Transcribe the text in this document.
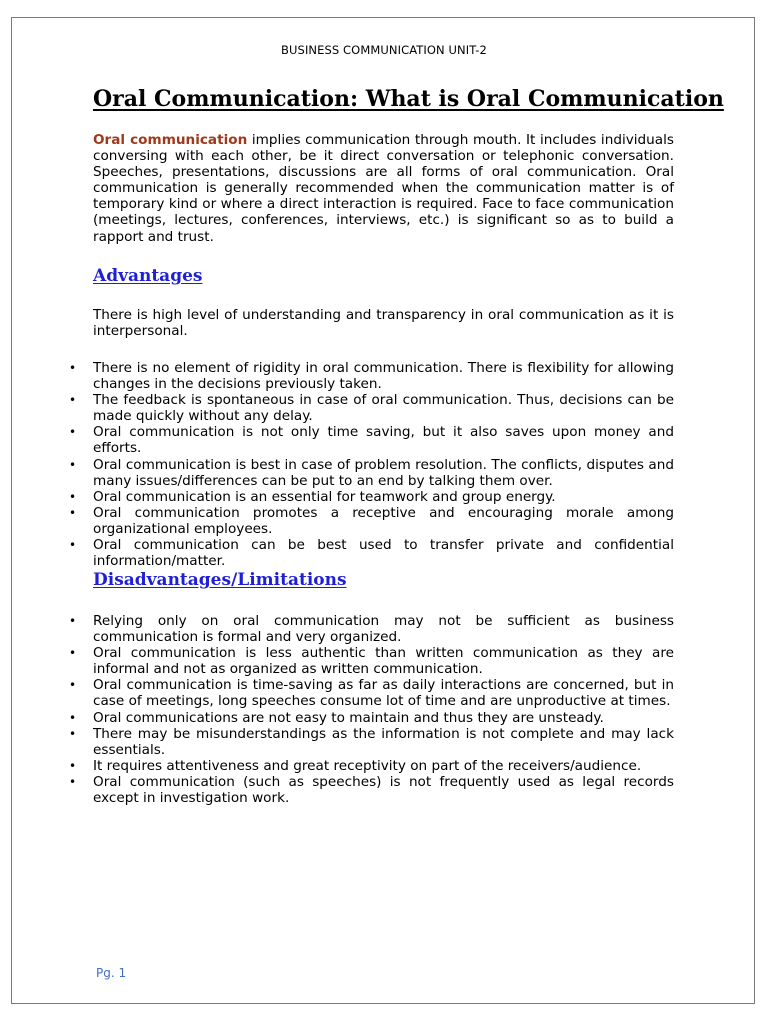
BUSINESS COMMUNICATION UNIT-2
Oral Communication: What is Oral Communication

Oral communication implies communication through mouth. It includes individuals conversing with each other, be it direct conversation or telephonic conversation. Speeches, presentations, discussions are all forms of oral communication. Oral communication is generally recommended when the communication matter is of temporary kind or where a direct interaction is required. Face to face communication (meetings, lectures, conferences, interviews, etc.) is significant so as to build a rapport and trust.

Advantages

There is high level of understanding and transparency in oral communication as it is interpersonal.

• There is no element of rigidity in oral communication. There is flexibility for allowing changes in the decisions previously taken.
• The feedback is spontaneous in case of oral communication. Thus, decisions can be made quickly without any delay.
• Oral communication is not only time saving, but it also saves upon money and efforts.
• Oral communication is best in case of problem resolution. The conflicts, disputes and many issues/differences can be put to an end by talking them over.
• Oral communication is an essential for teamwork and group energy.
• Oral communication promotes a receptive and encouraging morale among organizational employees.
• Oral communication can be best used to transfer private and confidential information/matter.
Disadvantages/Limitations
• Relying only on oral communication may not be sufficient as business communication is formal and very organized.
• Oral communication is less authentic than written communication as they are informal and not as organized as written communication.
• Oral communication is time-saving as far as daily interactions are concerned, but in case of meetings, long speeches consume lot of time and are unproductive at times.
• Oral communications are not easy to maintain and thus they are unsteady.
• There may be misunderstandings as the information is not complete and may lack essentials.
• It requires attentiveness and great receptivity on part of the receivers/audience.
• Oral communication (such as speeches) is not frequently used as legal records except in investigation work.
Pg. 1
